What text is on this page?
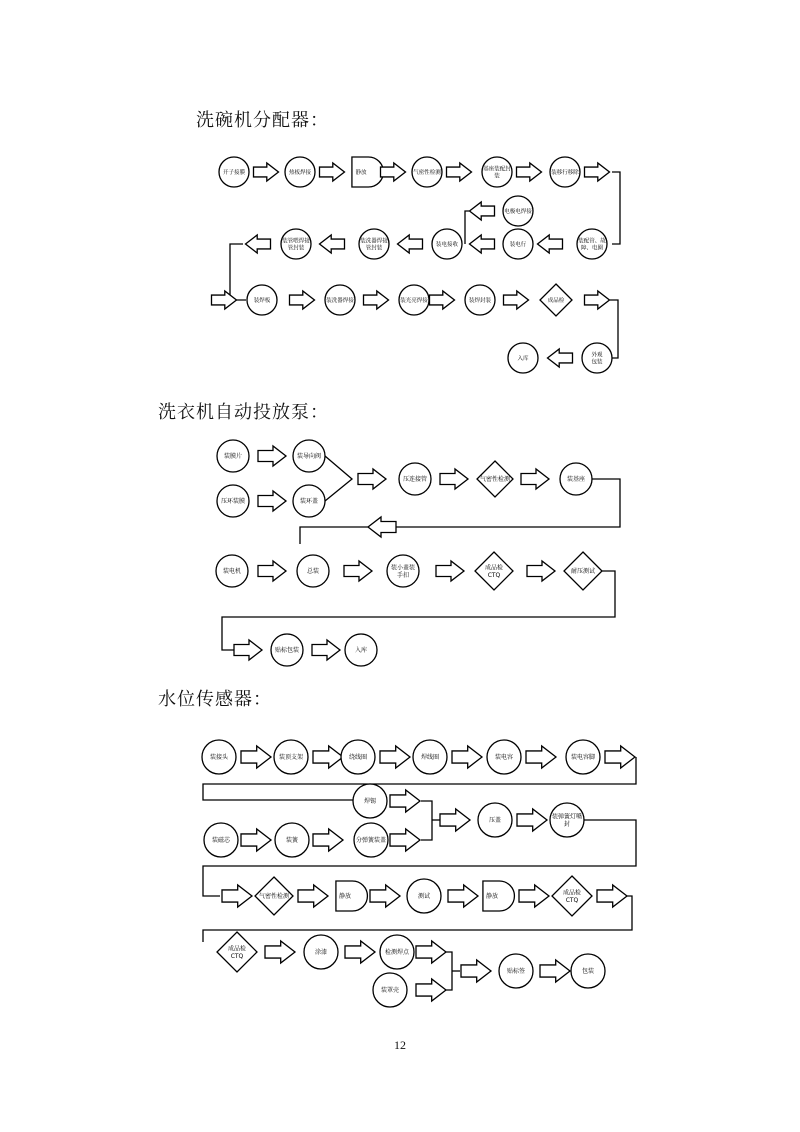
洗碗机分配器：
洗衣机自动投放泵：
水位传感器：
开子接膜	热板焊接	静放	气密性检测
基座装配封
装
装移行移除
装配管、故
障、电圈
装电行
装电接收
装洗器焊接
管封装
装管喂焊接
管封装
电极电焊接
装焊板	装洗器焊接	装光亮焊接	装焊封装	成品检
外观
包装
入库
装膜片	装导向阀
压环装膜	装环盖
压连接管	气密性检测	装基座
装电机	总装
装小盖装
手扣
成品检
CTQ
耐压测试
贴标包装	入库
装接头	装顶支架	绕线圈	焊线圈	装电容	装电容脚
焊锡
装磁芯	装簧	分弹簧装盖
压盖
装弹簧灯嘴
封
气密性检测	静放	测试	静放
成品检
CTQ
成品检
CTQ
涂漆	检测焊点
装罩壳
贴标签	包装
12
